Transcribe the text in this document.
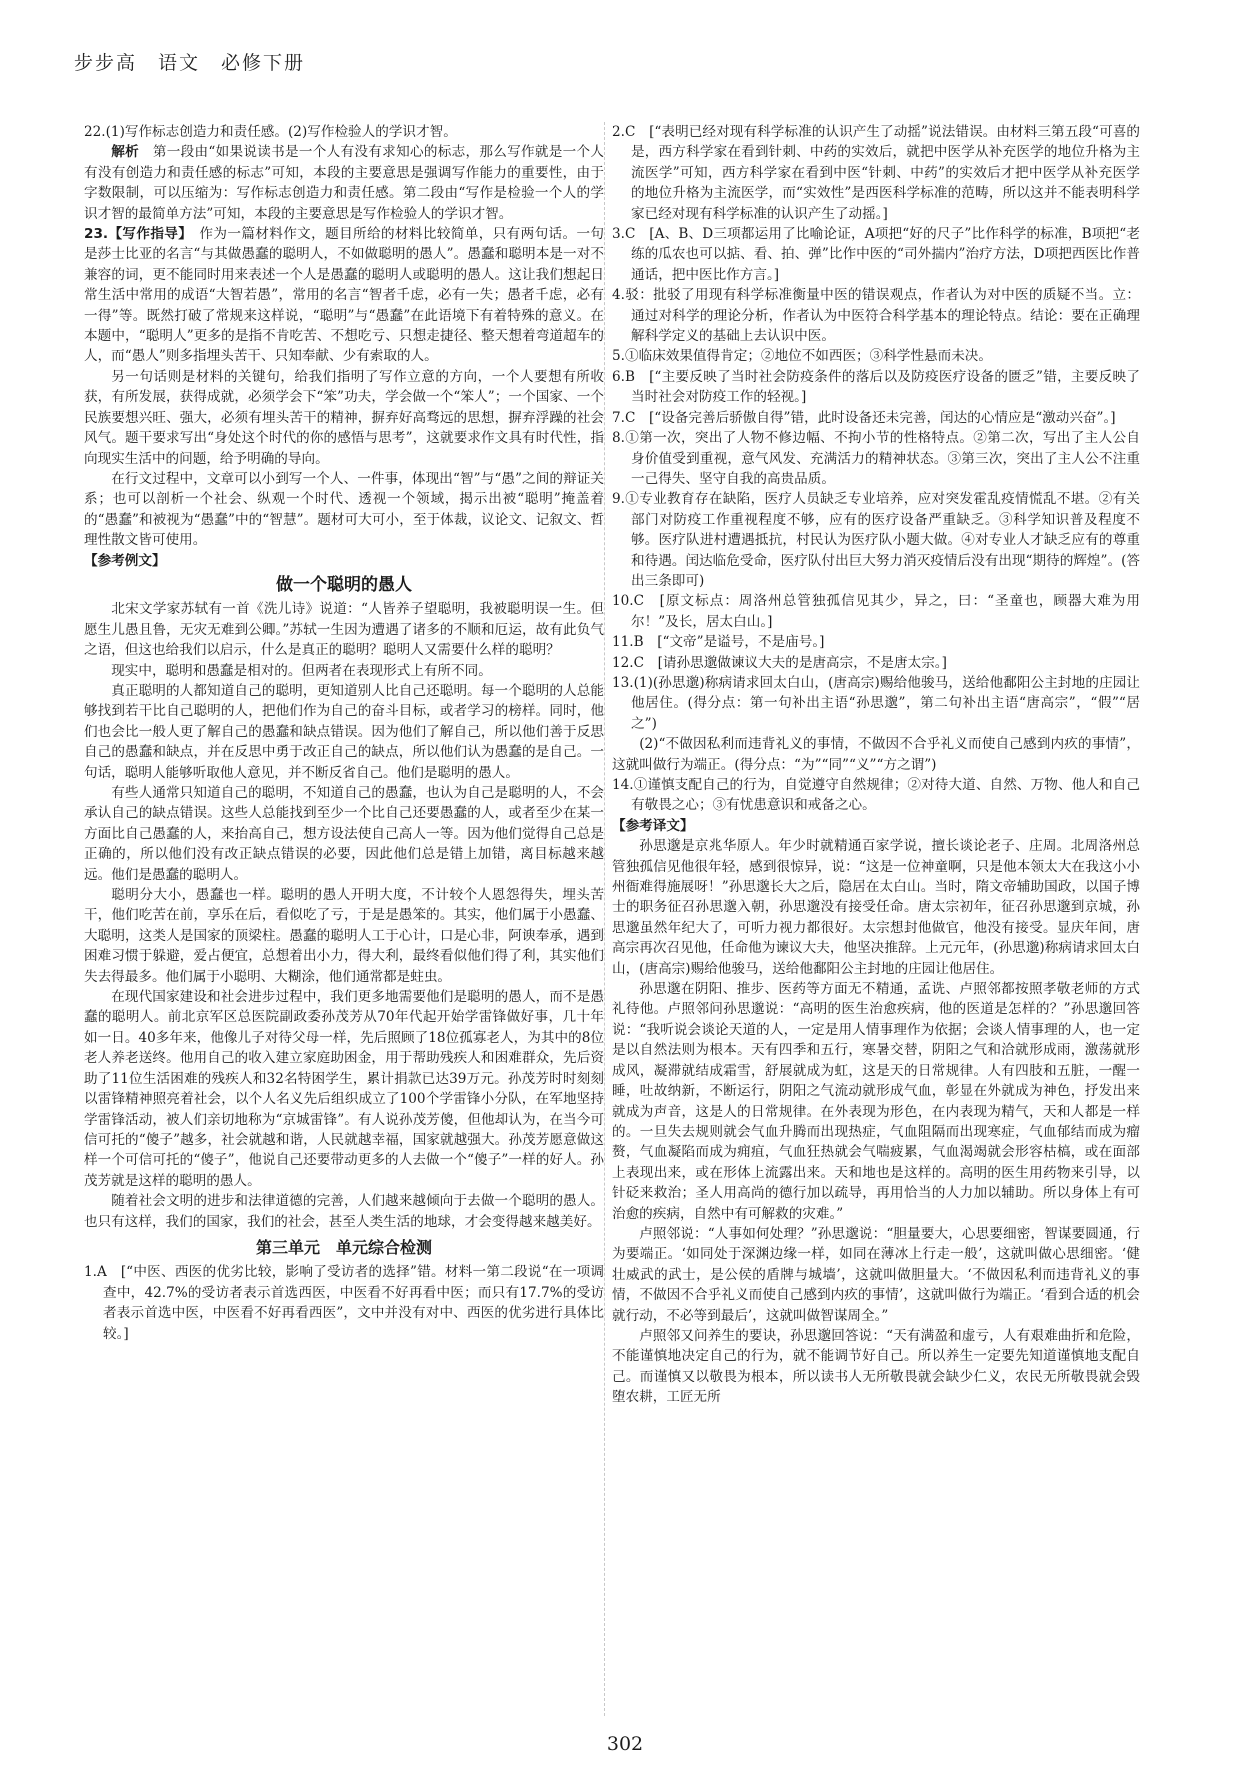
步步高　语文　必修下册

22.(1)写作标志创造力和责任感。(2)写作检验人的学识才智。

解析　 第一段由“如果说读书是一个人有没有求知心的标志，那么写作就是一个人有没有创造力和责任感的标志”可知，本段的主要意思是强调写作能力的重要性，由于字数限制，可以压缩为：写作标志创造力和责任感。第二段由“写作是检验一个人的学识才智的最简单方法”可知，本段的主要意思是写作检验人的学识才智。

23.【写作指导】　 作为一篇材料作文，题目所给的材料比较简单，只有两句话。一句是莎士比亚的名言“与其做愚蠢的聪明人，不如做聪明的愚人”。愚蠢和聪明本是一对不兼容的词，更不能同时用来表述一个人是愚蠢的聪明人或聪明的愚人。这让我们想起日常生活中常用的成语“大智若愚”，常用的名言“智者千虑，必有一失；愚者千虑，必有一得”等。既然打破了常规来这样说，“聪明”与“愚蠢”在此语境下有着特殊的意义。在本题中，“聪明人”更多的是指不肯吃苦、不想吃亏、只想走捷径、整天想着弯道超车的人，而“愚人”则多指埋头苦干、只知奉献、少有索取的人。

另一句话则是材料的关键句，给我们指明了写作立意的方向，一个人要想有所收获，有所发展，获得成就，必须学会下“笨”功夫，学会做一个“笨人”；一个国家、一个民族要想兴旺、强大，必须有埋头苦干的精神，摒弃好高骛远的思想，摒弃浮躁的社会风气。题干要求写出“身处这个时代的你的感悟与思考”，这就要求作文具有时代性，指向现实生活中的问题，给予明确的导向。

在行文过程中，文章可以小到写一个人、一件事，体现出“智”与“愚”之间的辩证关系；也可以剖析一个社会、纵观一个时代、透视一个领域，揭示出被“聪明”掩盖着的“愚蠢”和被视为“愚蠢”中的“智慧”。题材可大可小，至于体裁，议论文、记叙文、哲理性散文皆可使用。

【参考例文】

做一个聪明的愚人

北宋文学家苏轼有一首《洗儿诗》说道：“人皆养子望聪明，我被聪明误一生。但愿生儿愚且鲁，无灾无难到公卿。”苏轼一生因为遭遇了诸多的不顺和厄运，故有此负气之语，但这也给我们以启示，什么是真正的聪明？聪明人又需要什么样的聪明？

现实中，聪明和愚蠢是相对的。但两者在表现形式上有所不同。

真正聪明的人都知道自己的聪明，更知道别人比自己还聪明。每一个聪明的人总能够找到若干比自己聪明的人，把他们作为自己的奋斗目标，或者学习的榜样。同时，他们也会比一般人更了解自己的愚蠢和缺点错误。因为他们了解自己，所以他们善于反思自己的愚蠢和缺点，并在反思中勇于改正自己的缺点，所以他们认为愚蠢的是自己。一句话，聪明人能够听取他人意见，并不断反省自己。他们是聪明的愚人。

有些人通常只知道自己的聪明，不知道自己的愚蠢，也认为自己是聪明的人，不会承认自己的缺点错误。这些人总能找到至少一个比自己还要愚蠢的人，或者至少在某一方面比自己愚蠢的人，来抬高自己，想方设法使自己高人一等。因为他们觉得自己总是正确的，所以他们没有改正缺点错误的必要，因此他们总是错上加错，离目标越来越远。他们是愚蠢的聪明人。

聪明分大小，愚蠢也一样。聪明的愚人开明大度，不计较个人恩怨得失，埋头苦干，他们吃苦在前，享乐在后，看似吃了亏，于是是愚笨的。其实，他们属于小愚蠢、大聪明，这类人是国家的顶梁柱。愚蠢的聪明人工于心计，口是心非，阿谀奉承，遇到困难习惯于躲避，爱占便宜，总想着出小力，得大利，最终看似他们得了利，其实他们失去得最多。他们属于小聪明、大糊涂，他们通常都是蛀虫。

在现代国家建设和社会进步过程中，我们更多地需要他们是聪明的愚人，而不是愚蠢的聪明人。前北京军区总医院副政委孙茂芳从70年代起开始学雷锋做好事，几十年如一日。40多年来，他像儿子对待父母一样，先后照顾了18位孤寡老人，为其中的8位老人养老送终。他用自己的收入建立家庭助困金，用于帮助残疾人和困难群众，先后资助了11位生活困难的残疾人和32名特困学生，累计捐款已达39万元。孙茂芳时时刻刻以雷锋精神照亮着社会，以个人名义先后组织成立了100个学雷锋小分队，在军地坚持学雷锋活动，被人们亲切地称为“京城雷锋”。有人说孙茂芳傻，但他却认为，在当今可信可托的“傻子”越多，社会就越和谐，人民就越幸福，国家就越强大。孙茂芳愿意做这样一个可信可托的“傻子”，他说自己还要带动更多的人去做一个“傻子”一样的好人。孙茂芳就是这样的聪明的愚人。

随着社会文明的进步和法律道德的完善，人们越来越倾向于去做一个聪明的愚人。也只有这样，我们的国家，我们的社会，甚至人类生活的地球，才会变得越来越美好。

第三单元　单元综合检测

1.A　[“中医、西医的优劣比较，影响了受访者的选择”错。材料一第二段说“在一项调查中，42.7%的受访者表示首选西医，中医看不好再看中医；而只有17.7%的受访者表示首选中医，中医看不好再看西医”，文中并没有对中、西医的优劣进行具体比较。]

2.C　[“表明已经对现有科学标准的认识产生了动摇”说法错误。由材料三第五段“可喜的是，西方科学家在看到针刺、中药的实效后，就把中医学从补充医学的地位升格为主流医学”可知，西方科学家在看到中医“针刺、中药”的实效后才把中医学从补充医学的地位升格为主流医学，而“实效性”是西医科学标准的范畴，所以这并不能表明科学家已经对现有科学标准的认识产生了动摇。]

3.C　[A、B、D三项都运用了比喻论证，A项把“好的尺子”比作科学的标准，B项把“老练的瓜农也可以掂、看、拍、弹”比作中医的“司外揣内”治疗方法，D项把西医比作普通话，把中医比作方言。]

4.驳：批驳了用现有科学标准衡量中医的错误观点，作者认为对中医的质疑不当。立：通过对科学的理论分析，作者认为中医符合科学基本的理论特点。结论：要在正确理解科学定义的基础上去认识中医。

5.①临床效果值得肯定；②地位不如西医；③科学性悬而未决。

6.B　[“主要反映了当时社会防疫条件的落后以及防疫医疗设备的匮乏”错，主要反映了当时社会对防疫工作的轻视。]

7.C　[“设备完善后骄傲自得”错，此时设备还未完善，闰达的心情应是“激动兴奋”。]

8.①第一次，突出了人物不修边幅、不拘小节的性格特点。②第二次，写出了主人公自身价值受到重视，意气风发、充满活力的精神状态。③第三次，突出了主人公不注重一己得失、坚守自我的高贵品质。

9.①专业教育存在缺陷，医疗人员缺乏专业培养，应对突发霍乱疫情慌乱不堪。②有关部门对防疫工作重视程度不够，应有的医疗设备严重缺乏。③科学知识普及程度不够。医疗队进村遭遇抵抗，村民认为医疗队小题大做。④对专业人才缺乏应有的尊重和待遇。闰达临危受命，医疗队付出巨大努力消灭疫情后没有出现“期待的辉煌”。(答出三条即可)

10.C　[原文标点：周洛州总管独孤信见其少，异之，曰：“圣童也，顾器大难为用尔！”及长，居太白山。]

11.B　[“文帝”是谥号，不是庙号。]

12.C　[请孙思邈做谏议大夫的是唐高宗，不是唐太宗。]

13.(1)(孙思邈)称病请求回太白山，(唐高宗)赐给他骏马，送给他鄱阳公主封地的庄园让他居住。(得分点：第一句补出主语“孙思邈”，第二句补出主语“唐高宗”，“假”“居之”)

(2)“不做因私利而违背礼义的事情，不做因不合乎礼义而使自己感到内疚的事情”，这就叫做行为端正。(得分点：“为”“同”“义”“方之谓”)

14.①谨慎支配自己的行为，自觉遵守自然规律；②对待大道、自然、万物、他人和自己有敬畏之心；③有忧患意识和戒备之心。

【参考译文】

孙思邈是京兆华原人。年少时就精通百家学说，擅长谈论老子、庄周。北周洛州总管独孤信见他很年轻，感到很惊异，说：“这是一位神童啊，只是他本领太大在我这小小州衙难得施展呀！”孙思邈长大之后，隐居在太白山。当时，隋文帝辅助国政，以国子博士的职务征召孙思邈入朝，孙思邈没有接受任命。唐太宗初年，征召孙思邈到京城，孙思邈虽然年纪大了，可听力视力都很好。太宗想封他做官，他没有接受。显庆年间，唐高宗再次召见他，任命他为谏议大夫，他坚决推辞。上元元年，(孙思邈)称病请求回太白山，(唐高宗)赐给他骏马，送给他鄱阳公主封地的庄园让他居住。

孙思邈在阴阳、推步、医药等方面无不精通，孟诜、卢照邻都按照孝敬老师的方式礼待他。卢照邻问孙思邈说：“高明的医生治愈疾病，他的医道是怎样的？”孙思邈回答说：“我听说会谈论天道的人，一定是用人情事理作为依据；会谈人情事理的人，也一定是以自然法则为根本。天有四季和五行，寒暑交替，阴阳之气和洽就形成雨，激荡就形成风，凝滞就结成霜雪，舒展就成为虹，这是天的日常规律。人有四肢和五脏，一醒一睡，吐故纳新，不断运行，阴阳之气流动就形成气血，彰显在外就成为神色，抒发出来就成为声音，这是人的日常规律。在外表现为形色，在内表现为精气，天和人都是一样的。一旦失去规则就会气血升腾而出现热症，气血阻隔而出现寒症，气血郁结而成为瘤赘，气血凝陷而成为痈疽，气血狂热就会气喘疲累，气血渴竭就会形容枯槁，或在面部上表现出来，或在形体上流露出来。天和地也是这样的。高明的医生用药物来引导，以针砭来救治；圣人用高尚的德行加以疏导，再用恰当的人力加以辅助。所以身体上有可治愈的疾病，自然中有可解救的灾难。”

卢照邻说：“人事如何处理？”孙思邈说：“胆量要大，心思要细密，智谋要圆通，行为要端正。‘如同处于深渊边缘一样，如同在薄冰上行走一般’，这就叫做心思细密。‘健壮威武的武士，是公侯的盾牌与城墙’，这就叫做胆量大。‘不做因私利而违背礼义的事情，不做因不合乎礼义而使自己感到内疚的事情’，这就叫做行为端正。‘看到合适的机会就行动，不必等到最后’，这就叫做智谋周全。”

卢照邻又问养生的要诀，孙思邈回答说：“天有满盈和虚亏，人有艰难曲折和危险，不能谨慎地决定自己的行为，就不能调节好自己。所以养生一定要先知道谨慎地支配自己。而谨慎又以敬畏为根本，所以读书人无所敬畏就会缺少仁义，农民无所敬畏就会毁堕农耕，工匠无所

302
